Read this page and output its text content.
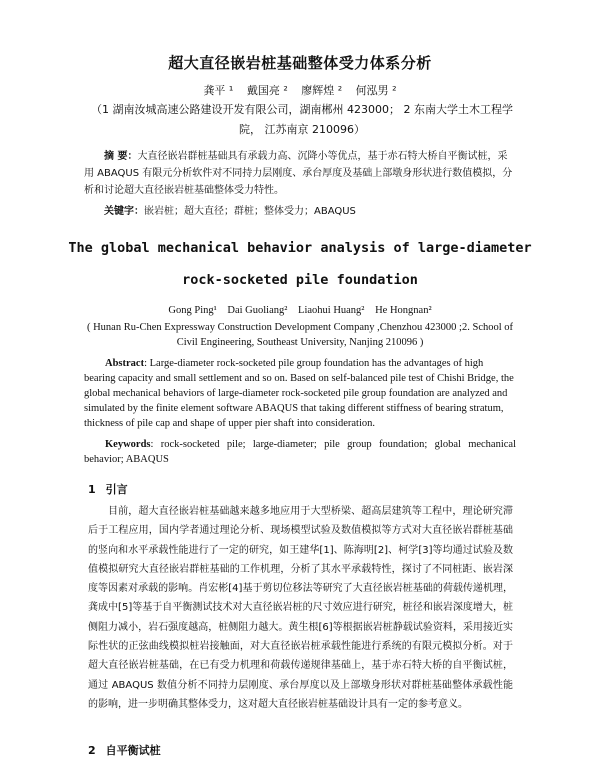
超大直径嵌岩桩基础整体受力体系分析
龚平 ¹ 戴国亮 ² 廖辉煌 ² 何泓男 ²
（1 湖南汝城高速公路建设开发有限公司，湖南郴州 423000； 2 东南大学土木工程学院， 江苏南京 210096）
摘 要：大直径嵌岩群桩基础具有承载力高、沉降小等优点，基于赤石特大桥自平衡试桩，采用 ABAQUS 有限元分析软件对不同持力层刚度、承台厚度及基础上部墩身形状进行数值模拟，分析和讨论超大直径嵌岩桩基础整体受力特性。
关键字：嵌岩桩；超大直径；群桩；整体受力；ABAQUS
The global mechanical behavior analysis of large-diameter
rock-socketed pile foundation
Gong Ping¹ Dai Guoliang² Liaohui Huang² He Hongnan²
( Hunan Ru-Chen Expressway Construction Development Company ,Chenzhou 423000 ;2. School of Civil Engineering, Southeast University, Nanjing 210096 )
Abstract: Large-diameter rock-socketed pile group foundation has the advantages of high bearing capacity and small settlement and so on. Based on self-balanced pile test of Chishi Bridge, the global mechanical behaviors of large-diameter rock-socketed pile group foundation are analyzed and simulated by the finite element software ABAQUS that taking different stiffness of bearing stratum, thickness of pile cap and shape of upper pier shaft into consideration.
Keywords: rock-socketed pile; large-diameter; pile group foundation; global mechanical behavior; ABAQUS
1 引言
目前，超大直径嵌岩桩基础越来越多地应用于大型桥梁、超高层建筑等工程中，理论研究滞后于工程应用，国内学者通过理论分析、现场模型试验及数值模拟等方式对大直径嵌岩群桩基础的竖向和水平承载性能进行了一定的研究，如王建华[1]、陈海明[2]、柯学[3]等均通过试验及数值模拟研究大直径嵌岩群桩基础的工作机理，分析了其水平承载特性，探讨了不同桩距、嵌岩深度等因素对承载的影响。肖宏彬[4]基于剪切位移法等研究了大直径嵌岩桩基础的荷载传递机理，龚成中[5]等基于自平衡测试技术对大直径嵌岩桩的尺寸效应进行研究，桩径和嵌岩深度增大，桩侧阻力减小，岩石强度越高，桩侧阻力越大。黄生根[6]等根据嵌岩桩静载试验资料，采用接近实际性状的正弦曲线模拟桩岩接触面，对大直径嵌岩桩承载性能进行系统的有限元模拟分析。对于超大直径嵌岩桩基础，在已有受力机理和荷载传递规律基础上，基于赤石特大桥的自平衡试桩，通过 ABAQUS 数值分析不同持力层刚度、承台厚度以及上部墩身形状对群桩基础整体承载性能的影响，进一步明确其整体受力，这对超大直径嵌岩桩基础设计具有一定的参考意义。
2 自平衡试桩
